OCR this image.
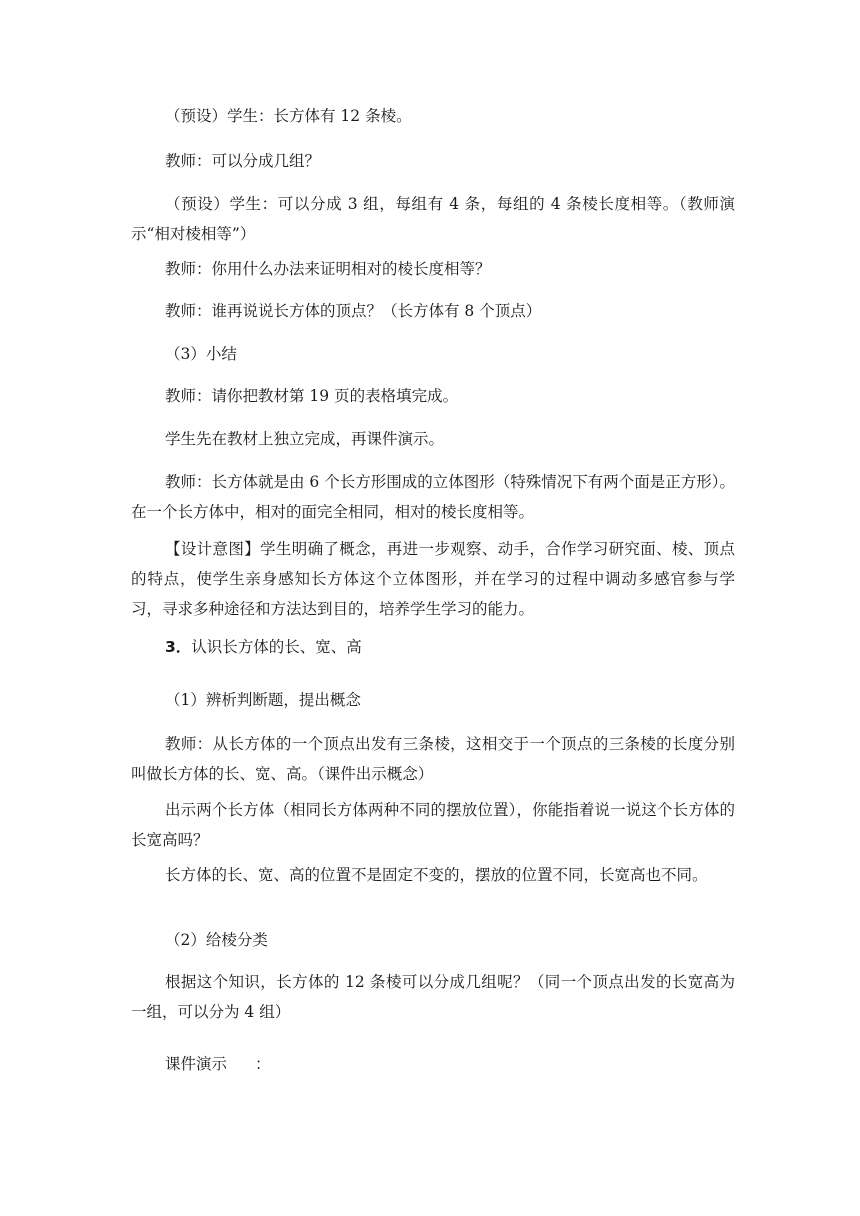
（预设）学生：长方体有 12 条棱。
教师：可以分成几组？
（预设）学生：可以分成 3 组，每组有 4 条，每组的 4 条棱长度相等。（教师演示“相对棱相等”）
教师：你用什么办法来证明相对的棱长度相等？
教师：谁再说说长方体的顶点？（长方体有 8 个顶点）
（3）小结
教师：请你把教材第 19 页的表格填完成。
学生先在教材上独立完成，再课件演示。
教师：长方体就是由 6 个长方形围成的立体图形（特殊情况下有两个面是正方形）。在一个长方体中，相对的面完全相同，相对的棱长度相等。
【设计意图】学生明确了概念，再进一步观察、动手，合作学习研究面、棱、顶点的特点，使学生亲身感知长方体这个立体图形，并在学习的过程中调动多感官参与学习，寻求多种途径和方法达到目的，培养学生学习的能力。
3．认识长方体的长、宽、高
（1）辨析判断题，提出概念
教师：从长方体的一个顶点出发有三条棱，这相交于一个顶点的三条棱的长度分别叫做长方体的长、宽、高。（课件出示概念）
出示两个长方体（相同长方体两种不同的摆放位置），你能指着说一说这个长方体的长宽高吗？
长方体的长、宽、高的位置不是固定不变的，摆放的位置不同，长宽高也不同。
（2）给棱分类
根据这个知识，长方体的 12 条棱可以分成几组呢？（同一个顶点出发的长宽高为一组，可以分为 4 组）
课件演示 ：
